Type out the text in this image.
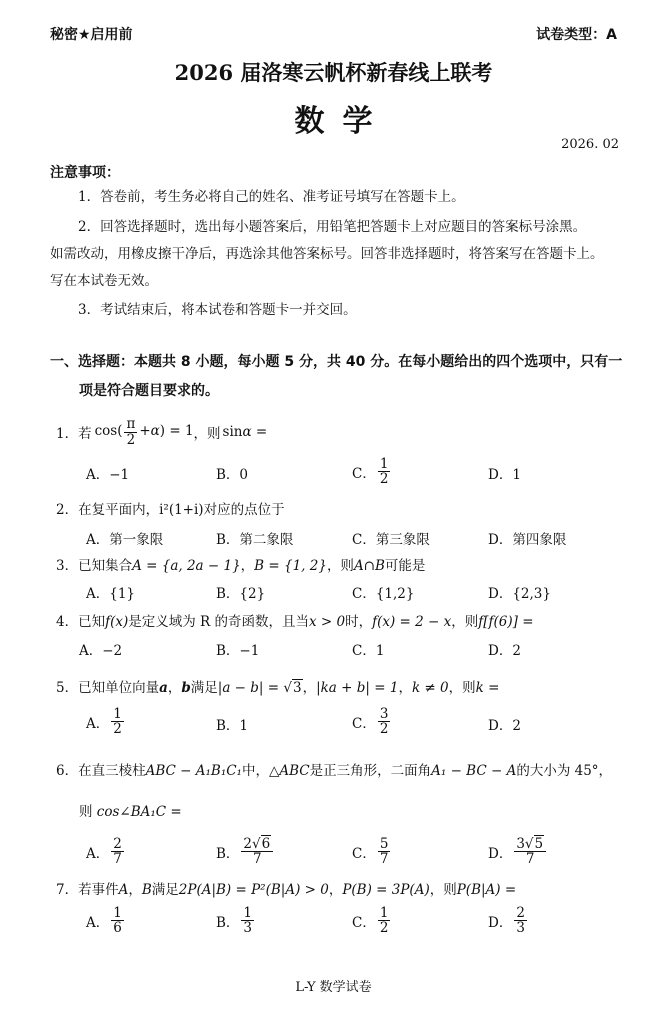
秘密★启用前	试卷类型：A
2026 届洛寒云帆杯新春线上联考
数学
2026. 02
注意事项：
1．答卷前，考生务必将自己的姓名、准考证号填写在答题卡上。
2．回答选择题时，选出每小题答案后，用铅笔把答题卡上对应题目的答案标号涂黑。
如需改动，用橡皮擦干净后，再选涂其他答案标号。回答非选择题时，将答案写在答题卡上。
写在本试卷无效。
3．考试结束后，将本试卷和答题卡一并交回。
一、选择题：本题共 8 小题，每小题 5 分，共 40 分。在每小题给出的四个选项中，只有一
项是符合题目要求的。
1． 若 $\cos( \frac{\pi}{2} +\alpha) = 1$ ，则 sinα =
A．−1	B．0	C． $\frac{1}{2}$	D．1
2．在复平面内，i²(1+i)对应的点位于
A．第一象限	B．第二象限	C．第三象限	D．第四象限
3．已知集合A = {a, 2a − 1}，B = {1, 2}，则A∩B可能是
A．{1}	B．{2}	C．{1,2}	D．{2,3}
4．已知f(x)是定义域为 R 的奇函数，且当x > 0时，f(x) = 2 − x，则f[f(6)] =
A．−2	B．−1	C．1	D．2
5．已知单位向量a，b满足|a − b| = √3，|ka + b| = 1，k ≠ 0，则k =
A． $\frac{1}{2}$	B．1	C． $\frac{3}{2}$	D．2
6．在直三棱柱ABC − A₁B₁C₁中，△ABC是正三角形，二面角A₁ − BC − A的大小为 45°，
则 cos∠BA₁C =
A． $\frac{2}{7}$	B． $\frac{2√6}{7}$	C． $\frac{5}{7}$	D． $\frac{3√5}{7}$
7．若事件A，B满足2P(A|B) = P²(B|A) > 0，P(B) = 3P(A)，则P(B|A) =
A． $\frac{1}{6}$	B． $\frac{1}{3}$	C． $\frac{1}{2}$	D． $\frac{2}{3}$
L-Y 数学试卷
